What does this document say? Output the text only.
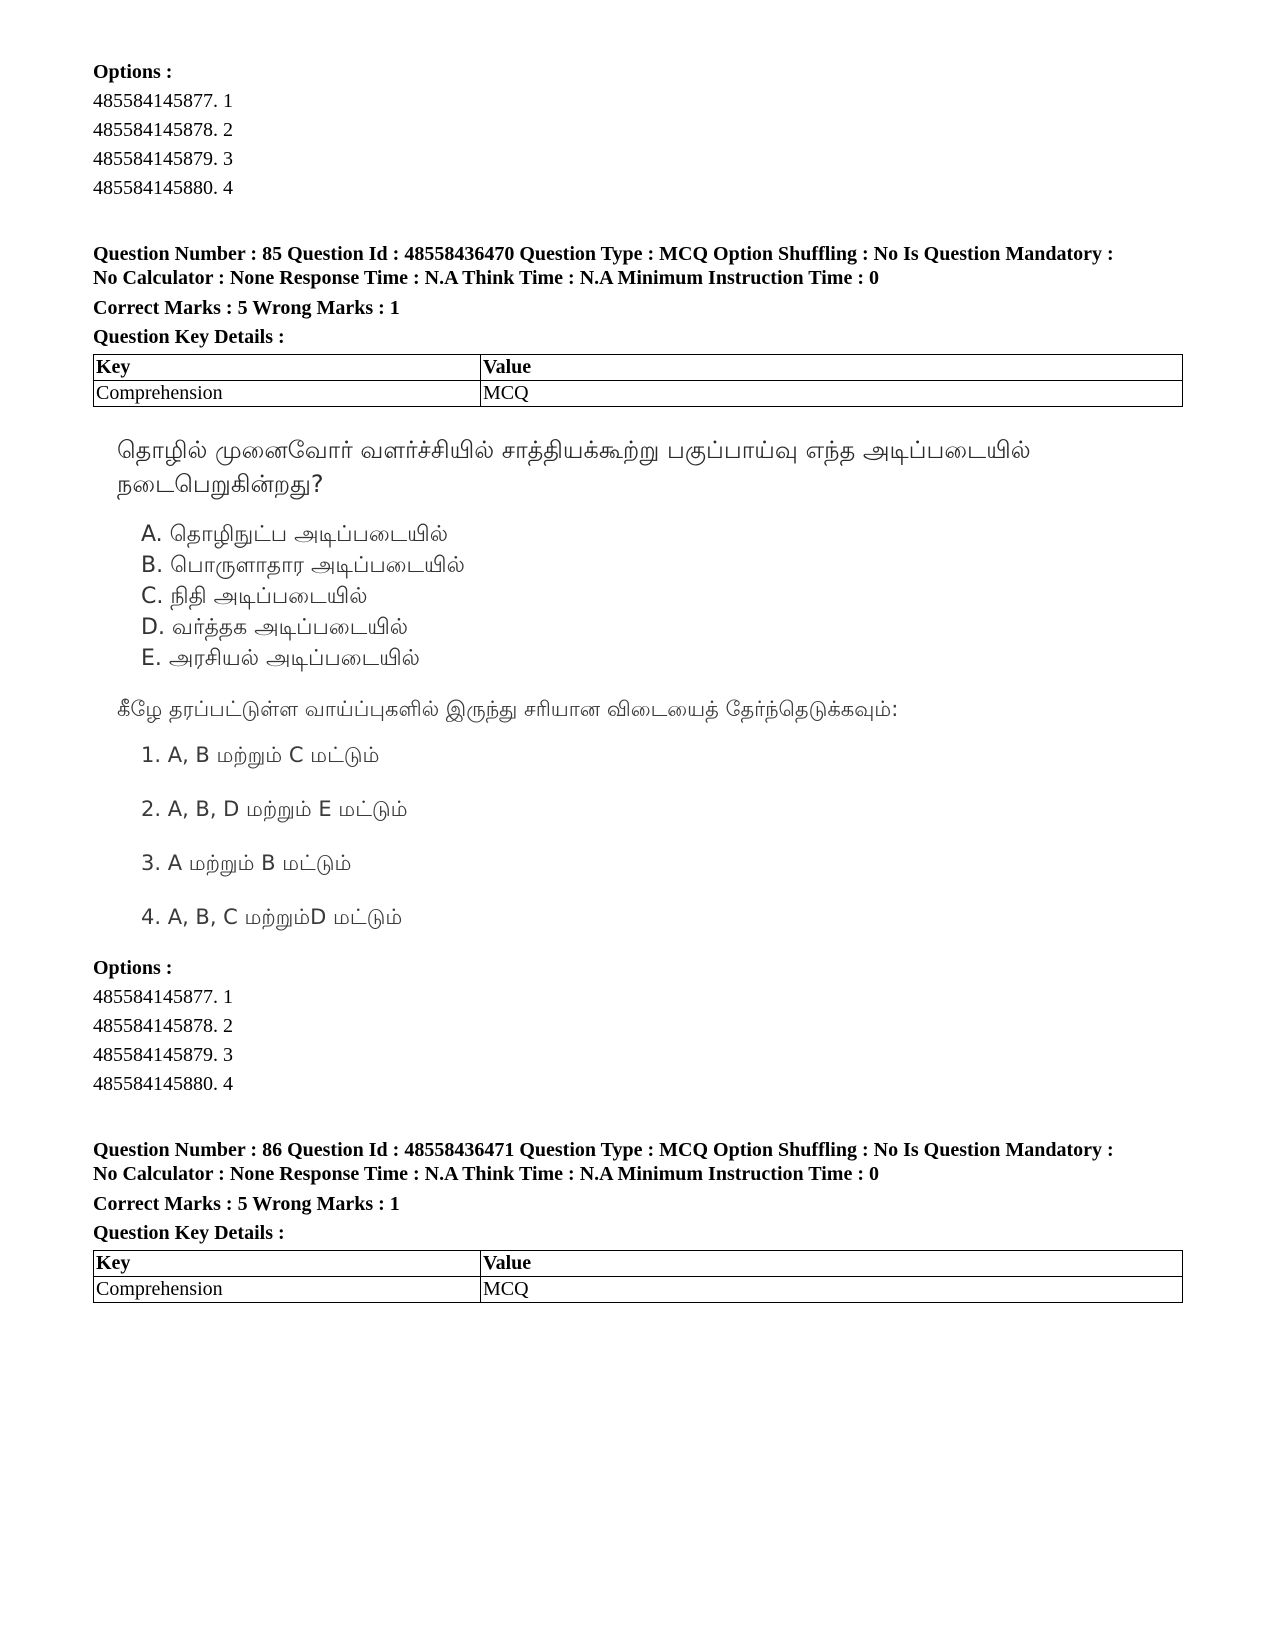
Options :

485584145877. 1

485584145878. 2

485584145879. 3

485584145880. 4

Question Number : 85 Question Id : 48558436470 Question Type : MCQ Option Shuffling : No Is Question Mandatory :

No Calculator : None Response Time : N.A Think Time : N.A Minimum Instruction Time : 0

Correct Marks : 5 Wrong Marks : 1

Question Key Details :

Key	Value
Comprehension	MCQ

தொழில் முனைவோர் வளர்ச்சியில் சாத்தியக்கூற்று பகுப்பாய்வு எந்த அடிப்படையில் நடைபெறுகின்றது?

A. தொழிநுட்ப அடிப்படையில்
B. பொருளாதார அடிப்படையில்
C. நிதி அடிப்படையில்
D. வர்த்தக அடிப்படையில்
E. அரசியல் அடிப்படையில்

கீழே தரப்பட்டுள்ள வாய்ப்புகளில் இருந்து சரியான விடையைத் தேர்ந்தெடுக்கவும்:

1. A, B மற்றும் C மட்டும்
2. A, B, D மற்றும் E மட்டும்
3. A மற்றும் B மட்டும்
4. A, B, C மற்றும்D மட்டும்

Options :

485584145877. 1

485584145878. 2

485584145879. 3

485584145880. 4

Question Number : 86 Question Id : 48558436471 Question Type : MCQ Option Shuffling : No Is Question Mandatory :

No Calculator : None Response Time : N.A Think Time : N.A Minimum Instruction Time : 0

Correct Marks : 5 Wrong Marks : 1

Question Key Details :

Key	Value
Comprehension	MCQ
